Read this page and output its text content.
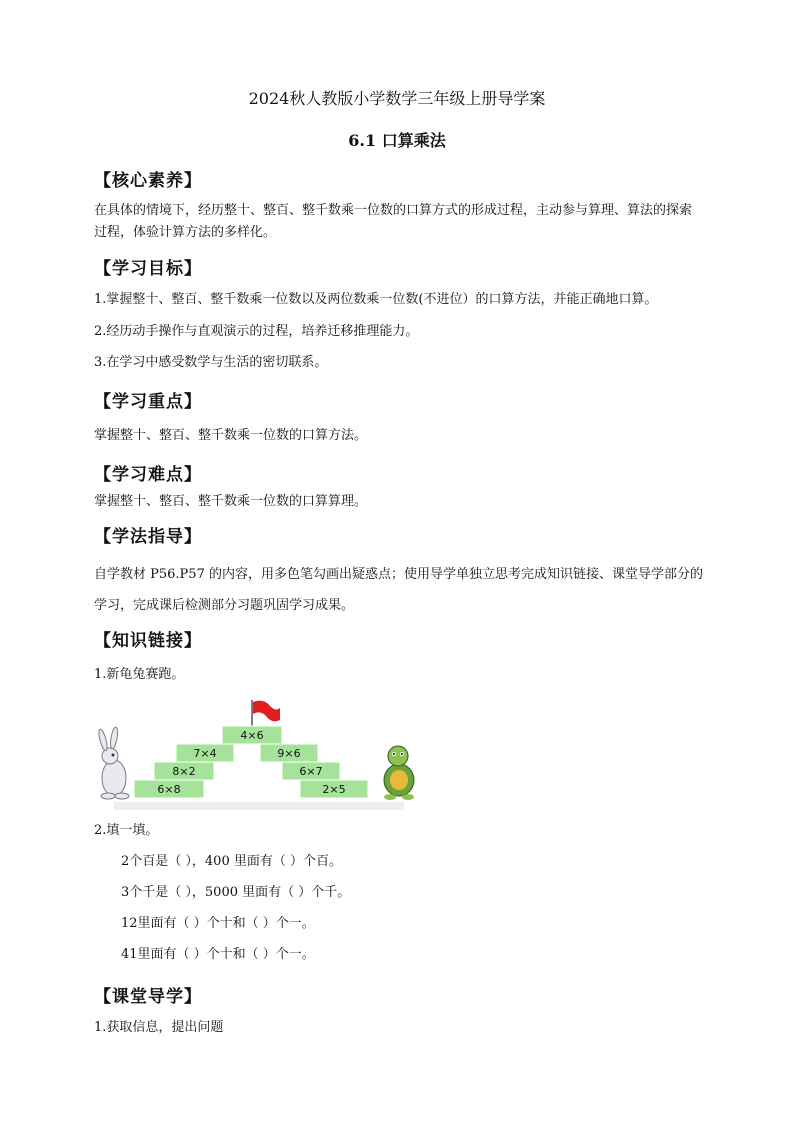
2024秋人教版小学数学三年级上册导学案
6.1 口算乘法
【核心素养】
在具体的情境下，经历整十、整百、整千数乘一位数的口算方式的形成过程，主动参与算理、算法的探索过程，体验计算方法的多样化。
【学习目标】
1.掌握整十、整百、整千数乘一位数以及两位数乘一位数(不进位）的口算方法，并能正确地口算。
2.经历动手操作与直观演示的过程，培养迁移推理能力。
3.在学习中感受数学与生活的密切联系。
【学习重点】
掌握整十、整百、整千数乘一位数的口算方法。
【学习难点】
掌握整十、整百、整千数乘一位数的口算算理。
【学法指导】
自学教材 P56.P57 的内容，用多色笔勾画出疑惑点；使用导学单独立思考完成知识链接、课堂导学部分的学习，完成课后检测部分习题巩固学习成果。
【知识链接】
1.新龟兔赛跑。
4×6
7×4	9×6
8×2	6×7
6×8	2×5
2.填一填。
2个百是（ ），400 里面有（ ）个百。
3个千是（ ），5000 里面有（ ）个千。
12里面有（ ）个十和（ ）个一。
41里面有（ ）个十和（ ）个一。
【课堂导学】
1.获取信息，提出问题
